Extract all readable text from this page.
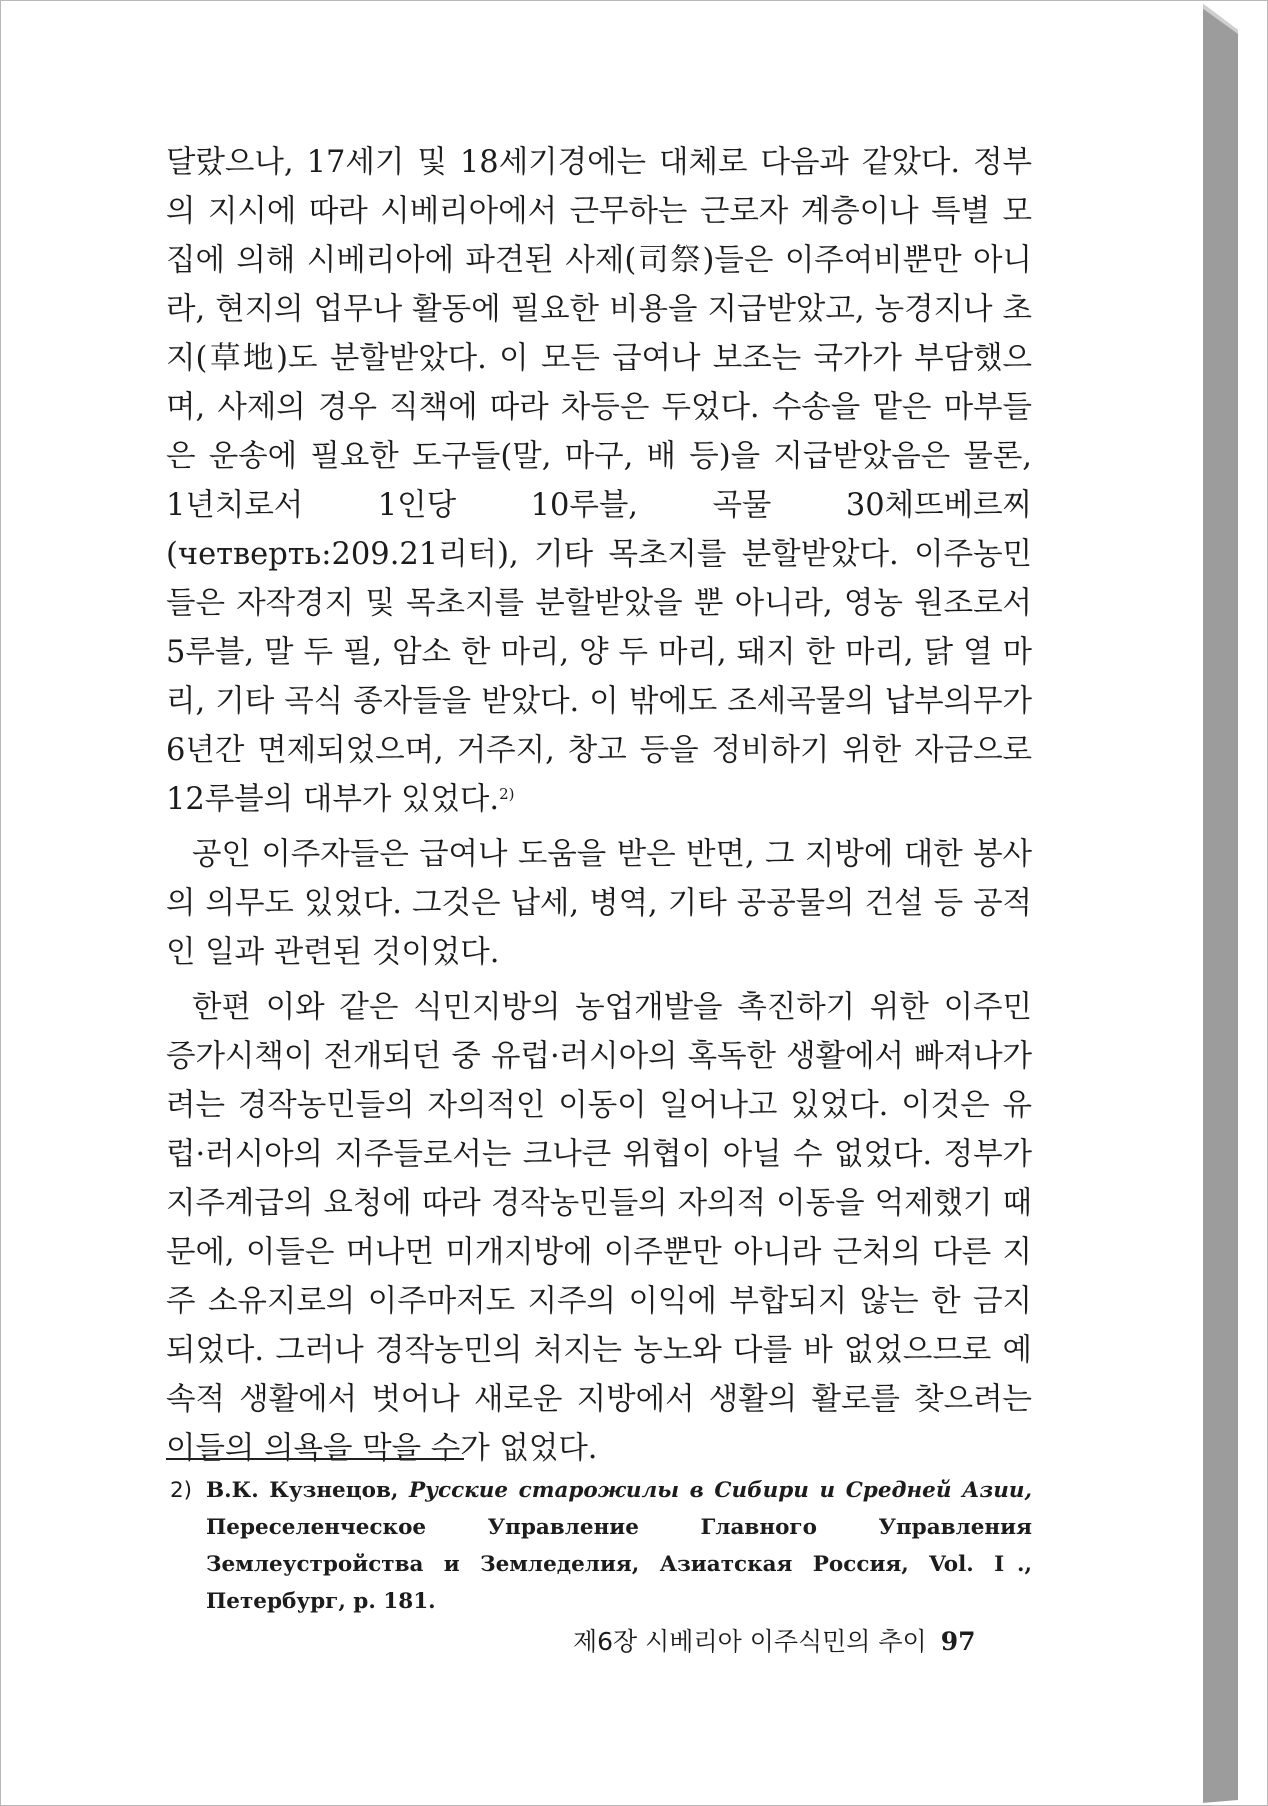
달랐으나, 17세기 및 18세기경에는 대체로 다음과 같았다. 정부의 지시에 따라 시베리아에서 근무하는 근로자 계층이나 특별 모집에 의해 시베리아에 파견된 사제(司祭)들은 이주여비뿐만 아니라, 현지의 업무나 활동에 필요한 비용을 지급받았고, 농경지나 초지(草地)도 분할받았다. 이 모든 급여나 보조는 국가가 부담했으며, 사제의 경우 직책에 따라 차등은 두었다. 수송을 맡은 마부들은 운송에 필요한 도구들(말, 마구, 배 등)을 지급받았음은 물론, 1년치로서 1인당 10루블, 곡물 30체뜨베르찌(четверть:209.21리터), 기타 목초지를 분할받았다. 이주농민들은 자작경지 및 목초지를 분할받았을 뿐 아니라, 영농 원조로서 5루블, 말 두 필, 암소 한 마리, 양 두 마리, 돼지 한 마리, 닭 열 마리, 기타 곡식 종자들을 받았다. 이 밖에도 조세곡물의 납부의무가 6년간 면제되었으며, 거주지, 창고 등을 정비하기 위한 자금으로 12루블의 대부가 있었다.$^{2)}$

공인 이주자들은 급여나 도움을 받은 반면, 그 지방에 대한 봉사의 의무도 있었다. 그것은 납세, 병역, 기타 공공물의 건설 등 공적인 일과 관련된 것이었다.

한편 이와 같은 식민지방의 농업개발을 촉진하기 위한 이주민 증가시책이 전개되던 중 유럽·러시아의 혹독한 생활에서 빠져나가려는 경작농민들의 자의적인 이동이 일어나고 있었다. 이것은 유럽·러시아의 지주들로서는 크나큰 위협이 아닐 수 없었다. 정부가 지주계급의 요청에 따라 경작농민들의 자의적 이동을 억제했기 때문에, 이들은 머나먼 미개지방에 이주뿐만 아니라 근처의 다른 지주 소유지로의 이주마저도 지주의 이익에 부합되지 않는 한 금지되었다. 그러나 경작농민의 처지는 농노와 다를 바 없었으므로 예속적 생활에서 벗어나 새로운 지방에서 생활의 활로를 찾으려는 이들의 의욕을 막을 수가 없었다.

2) В.К. Кузнецов, Русские старожилы в Сибири и Средней Азии, Переселенческое Управление Главного Управления Землеустройства и Земледелия, Азиатская Россия, Vol. Ⅰ., Петербург, p. 181.
제6장 시베리아 이주식민의 추이 97
